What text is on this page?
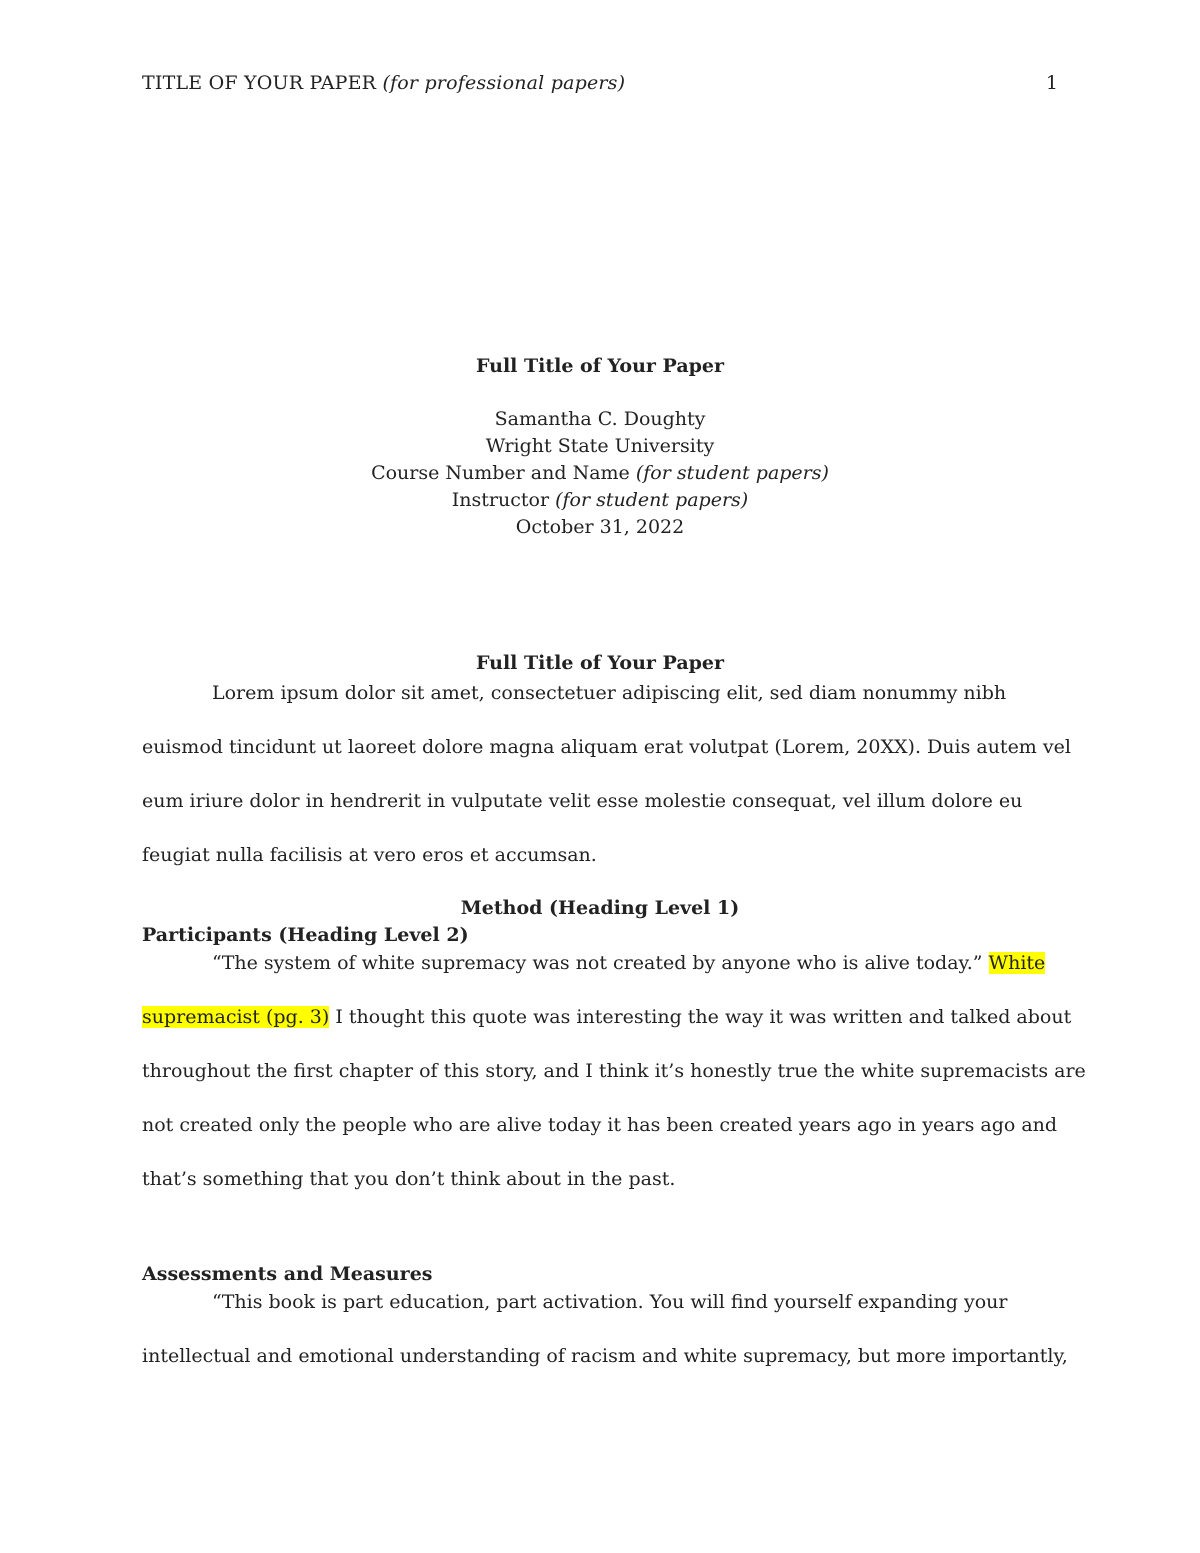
TITLE OF YOUR PAPER (for professional papers)	1
Full Title of Your Paper
Samantha C. Doughty
Wright State University
Course Number and Name (for student papers)
Instructor (for student papers)
October 31, 2022
Full Title of Your Paper
Lorem ipsum dolor sit amet, consectetuer adipiscing elit, sed diam nonummy nibh
euismod tincidunt ut laoreet dolore magna aliquam erat volutpat (Lorem, 20XX). Duis autem vel
eum iriure dolor in hendrerit in vulputate velit esse molestie consequat, vel illum dolore eu
feugiat nulla facilisis at vero eros et accumsan.
Method (Heading Level 1)
Participants (Heading Level 2)
“The system of white supremacy was not created by anyone who is alive today.” White
supremacist (pg. 3) I thought this quote was interesting the way it was written and talked about
throughout the first chapter of this story, and I think it’s honestly true the white supremacists are
not created only the people who are alive today it has been created years ago in years ago and
that’s something that you don’t think about in the past.
Assessments and Measures
“This book is part education, part activation. You will find yourself expanding your
intellectual and emotional understanding of racism and white supremacy, but more importantly,
